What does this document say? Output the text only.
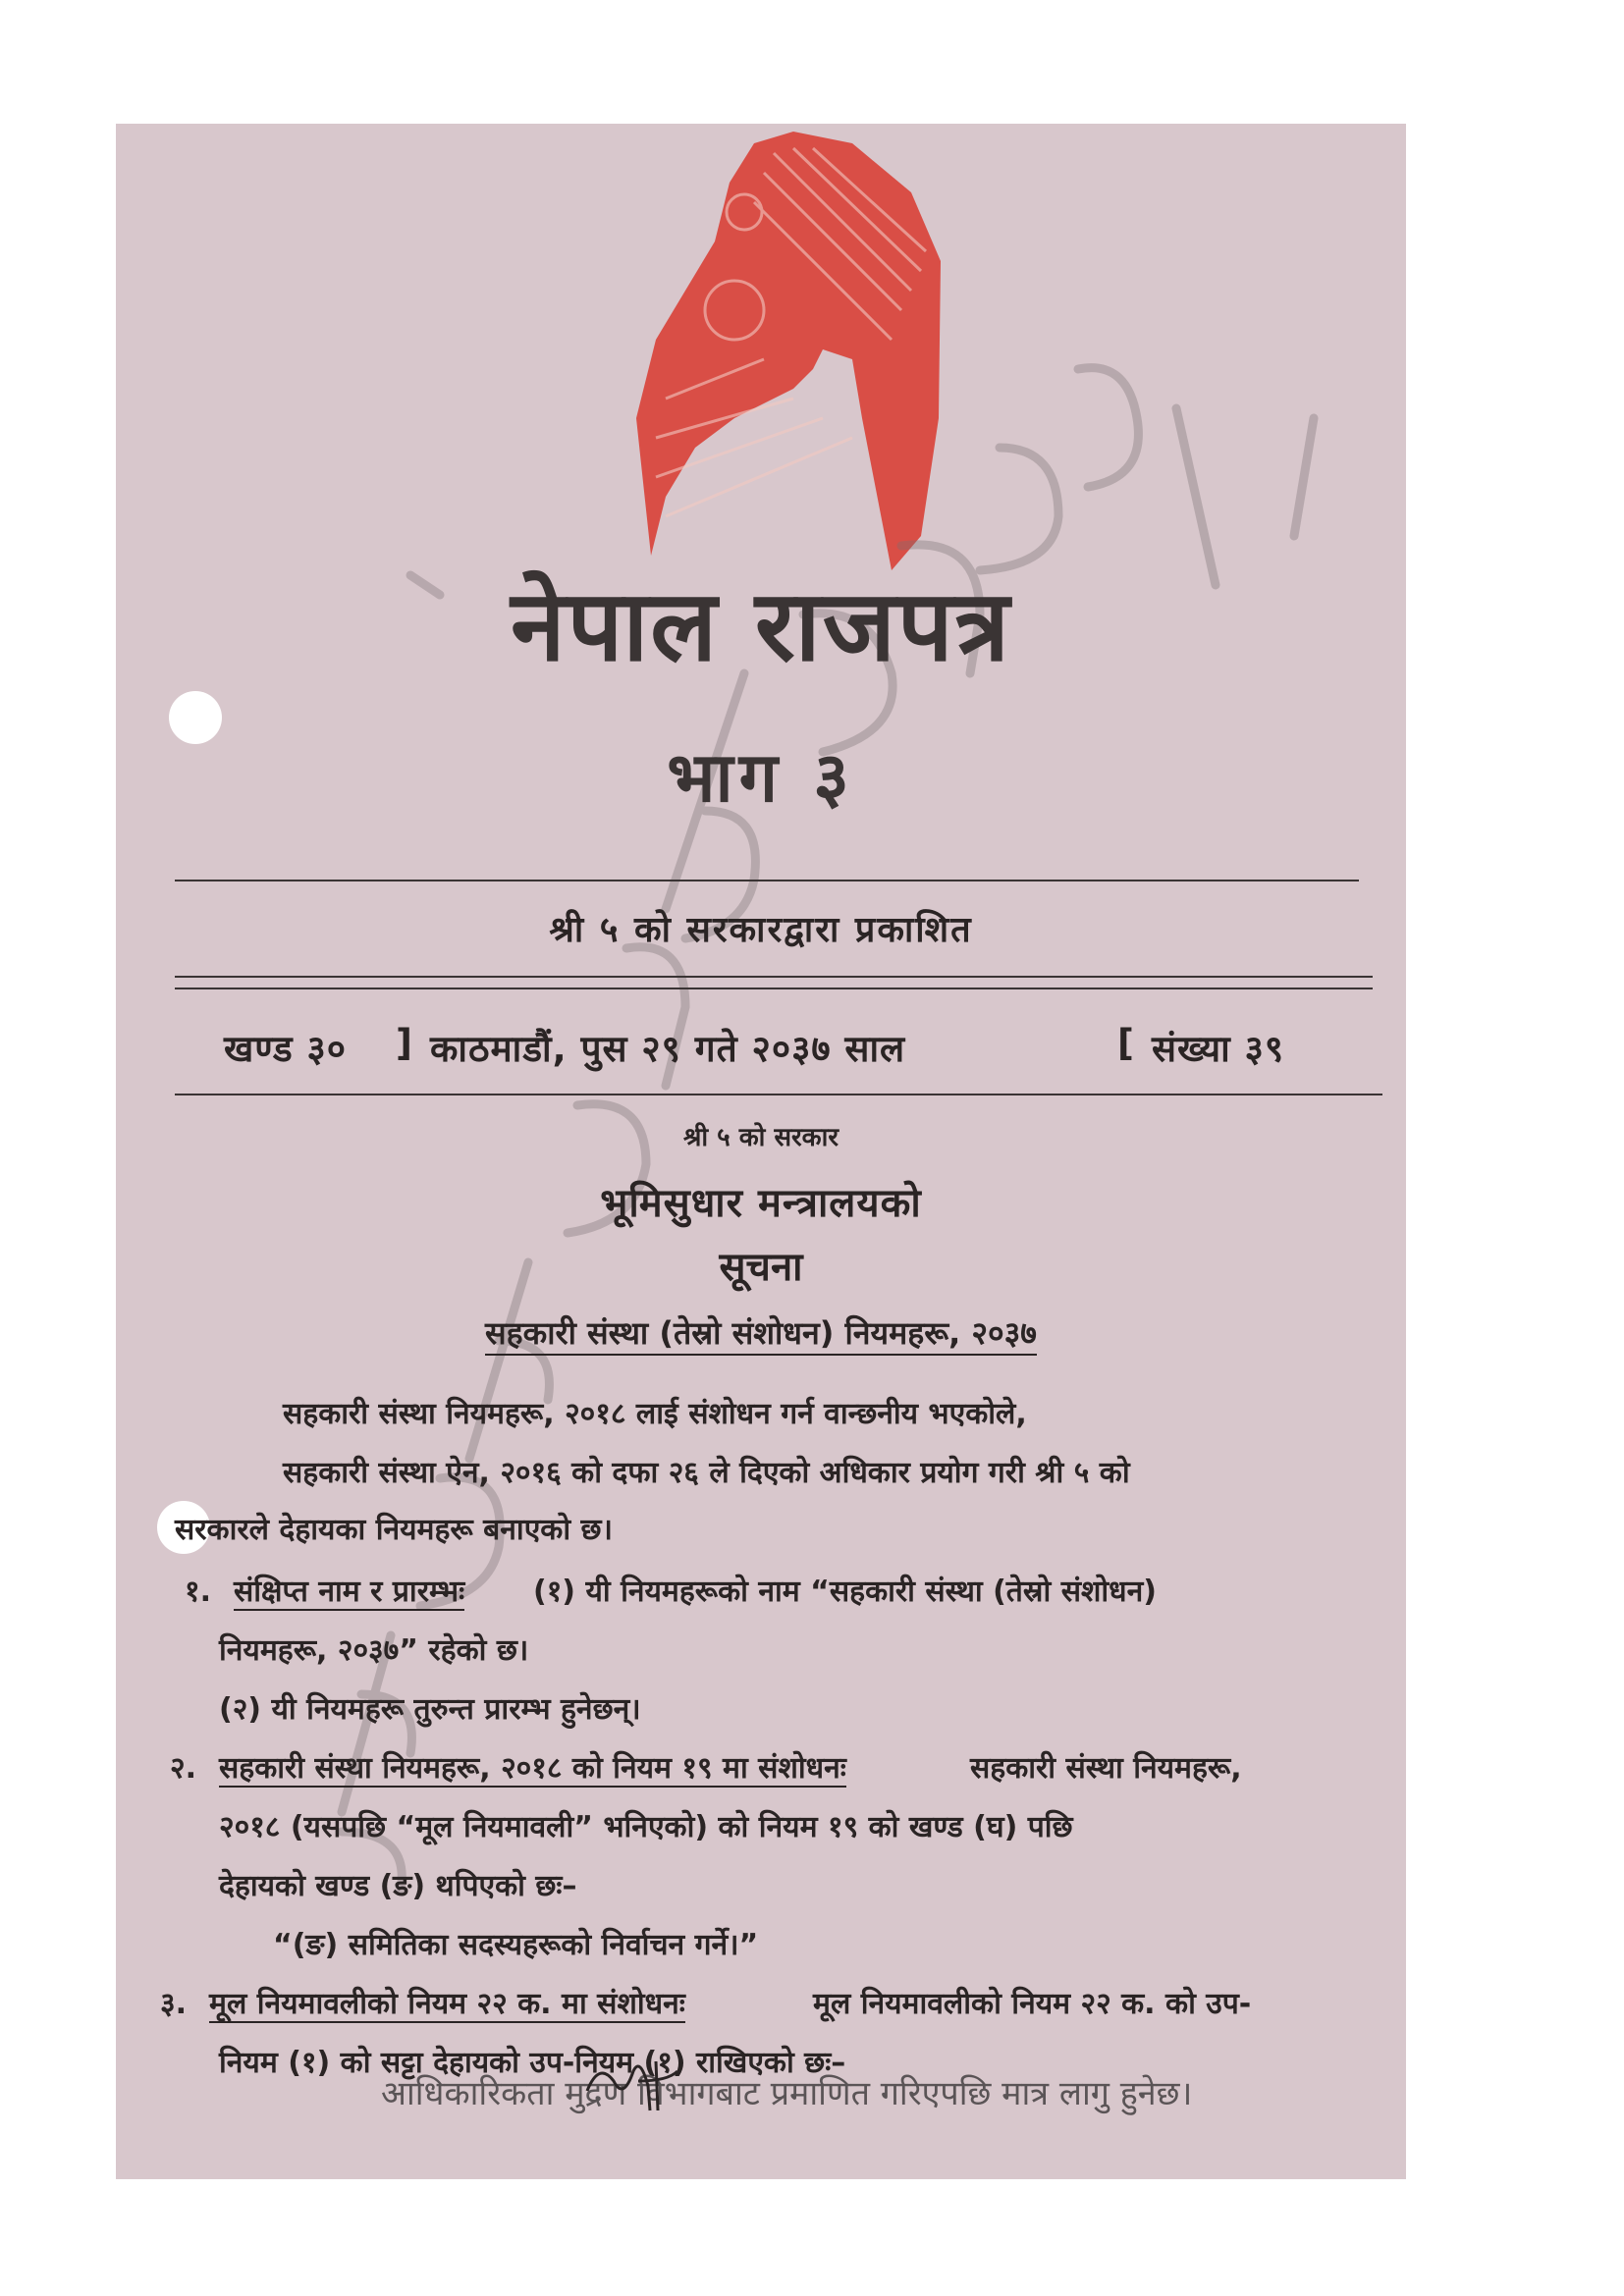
नेपाल राजपत्र
भाग ३
श्री ५ को सरकारद्वारा प्रकाशित
खण्ड ३० ] काठमाडौं, पुस २९ गते २०३७ साल	[ संख्या ३९
श्री ५ को सरकार
भूमिसुधार मन्त्रालयको
सूचना
सहकारी संस्था (तेस्रो संशोधन) नियमहरू, २०३७
सहकारी संस्था नियमहरू, २०१८ लाई संशोधन गर्न वान्छनीय भएकोले,
सहकारी संस्था ऐन, २०१६ को दफा २६ ले दिएको अधिकार प्रयोग गरी श्री ५ को
सरकारले देहायका नियमहरू बनाएको छ।
१. संक्षिप्त नाम र प्रारम्भः (१) यी नियमहरूको नाम “सहकारी संस्था (तेस्रो संशोधन)
नियमहरू, २०३७” रहेको छ।
(२) यी नियमहरू तुरुन्त प्रारम्भ हुनेछन्।
२. सहकारी संस्था नियमहरू, २०१८ को नियम १९ मा संशोधनः	सहकारी संस्था नियमहरू,
२०१८ (यसपछि “मूल नियमावली” भनिएको) को नियम १९ को खण्ड (घ) पछि
देहायको खण्ड (ङ) थपिएको छः–
“(ङ) समितिका सदस्यहरूको निर्वाचन गर्ने।”
३. मूल नियमावलीको नियम २२ क. मा संशोधनः	मूल नियमावलीको नियम २२ क. को उप-
नियम (१) को सट्टा देहायको उप-नियम (१) राखिएको छः–
आधिकारिकता मुद्रण विभागबाट प्रमाणित गरिएपछि मात्र लागु हुनेछ।
